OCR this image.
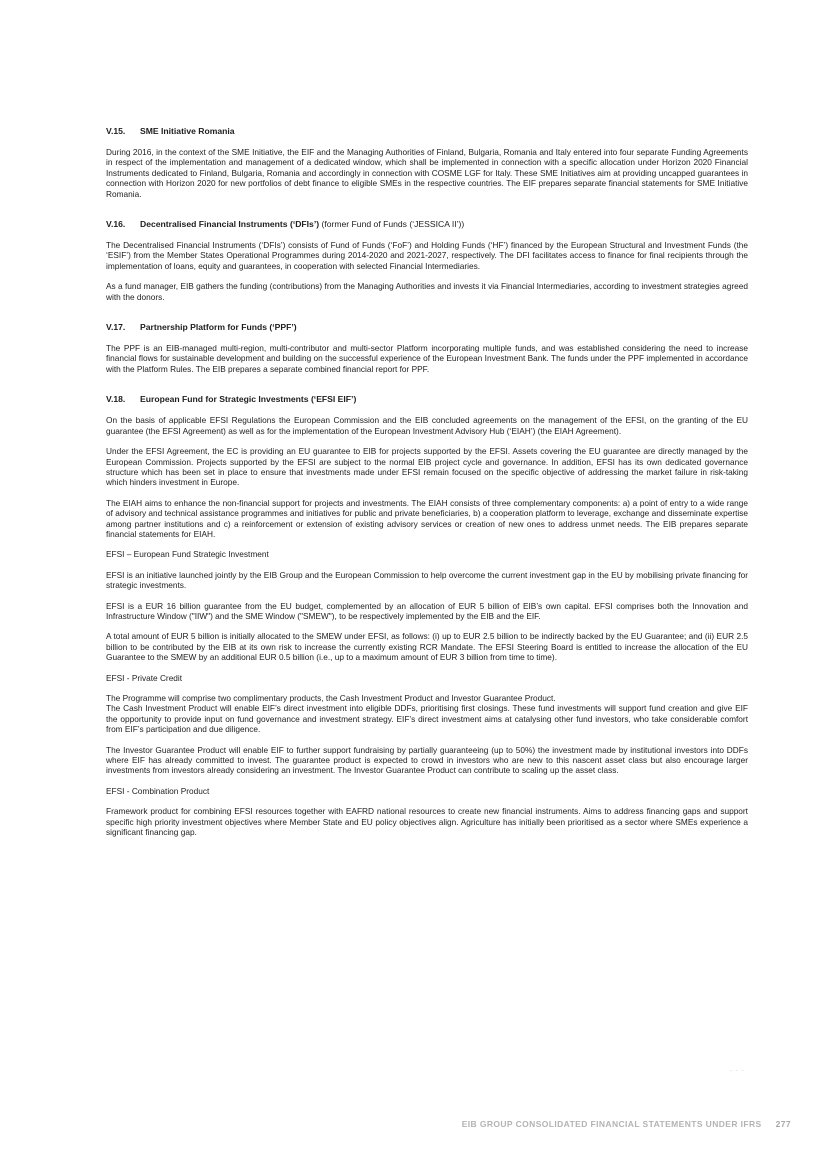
V.15. SME Initiative Romania

During 2016, in the context of the SME Initiative, the EIF and the Managing Authorities of Finland, Bulgaria, Romania and Italy entered into four separate Funding Agreements in respect of the implementation and management of a dedicated window, which shall be implemented in connection with a specific allocation under Horizon 2020 Financial Instruments dedicated to Finland, Bulgaria, Romania and accordingly in connection with COSME LGF for Italy. These SME Initiatives aim at providing uncapped guarantees in connection with Horizon 2020 for new portfolios of debt finance to eligible SMEs in the respective countries. The EIF prepares separate financial statements for SME Initiative Romania.

V.16. Decentralised Financial Instruments (‘DFIs’) (former Fund of Funds (‘JESSICA II’))

The Decentralised Financial Instruments (‘DFIs’) consists of Fund of Funds (‘FoF’) and Holding Funds (‘HF’) financed by the European Structural and Investment Funds (the ‘ESIF’) from the Member States Operational Programmes during 2014-2020 and 2021-2027, respectively. The DFI facilitates access to finance for final recipients through the implementation of loans, equity and guarantees, in cooperation with selected Financial Intermediaries.

As a fund manager, EIB gathers the funding (contributions) from the Managing Authorities and invests it via Financial Intermediaries, according to investment strategies agreed with the donors.

V.17. Partnership Platform for Funds (‘PPF’)

The PPF is an EIB-managed multi-region, multi-contributor and multi-sector Platform incorporating multiple funds, and was established considering the need to increase financial flows for sustainable development and building on the successful experience of the European Investment Bank. The funds under the PPF implemented in accordance with the Platform Rules. The EIB prepares a separate combined financial report for PPF.

V.18. European Fund for Strategic Investments (‘EFSI EIF’)

On the basis of applicable EFSI Regulations the European Commission and the EIB concluded agreements on the management of the EFSI, on the granting of the EU guarantee (the EFSI Agreement) as well as for the implementation of the European Investment Advisory Hub (‘EIAH’) (the EIAH Agreement).

Under the EFSI Agreement, the EC is providing an EU guarantee to EIB for projects supported by the EFSI. Assets covering the EU guarantee are directly managed by the European Commission. Projects supported by the EFSI are subject to the normal EIB project cycle and governance. In addition, EFSI has its own dedicated governance structure which has been set in place to ensure that investments made under EFSI remain focused on the specific objective of addressing the market failure in risk-taking which hinders investment in Europe.

The EIAH aims to enhance the non-financial support for projects and investments. The EIAH consists of three complementary components: a) a point of entry to a wide range of advisory and technical assistance programmes and initiatives for public and private beneficiaries, b) a cooperation platform to leverage, exchange and disseminate expertise among partner institutions and c) a reinforcement or extension of existing advisory services or creation of new ones to address unmet needs. The EIB prepares separate financial statements for EIAH.

EFSI – European Fund Strategic Investment

EFSI is an initiative launched jointly by the EIB Group and the European Commission to help overcome the current investment gap in the EU by mobilising private financing for strategic investments.

EFSI is a EUR 16 billion guarantee from the EU budget, complemented by an allocation of EUR 5 billion of EIB’s own capital. EFSI comprises both the Innovation and Infrastructure Window ("IIW") and the SME Window ("SMEW"), to be respectively implemented by the EIB and the EIF.

A total amount of EUR 5 billion is initially allocated to the SMEW under EFSI, as follows: (i) up to EUR 2.5 billion to be indirectly backed by the EU Guarantee; and (ii) EUR 2.5 billion to be contributed by the EIB at its own risk to increase the currently existing RCR Mandate. The EFSI Steering Board is entitled to increase the allocation of the EU Guarantee to the SMEW by an additional EUR 0.5 billion (i.e., up to a maximum amount of EUR 3 billion from time to time).

EFSI - Private Credit

The Programme will comprise two complimentary products, the Cash Investment Product and Investor Guarantee Product.
The Cash Investment Product will enable EIF’s direct investment into eligible DDFs, prioritising first closings. These fund investments will support fund creation and give EIF the opportunity to provide input on fund governance and investment strategy. EIF’s direct investment aims at catalysing other fund investors, who take considerable comfort from EIF’s participation and due diligence.

The Investor Guarantee Product will enable EIF to further support fundraising by partially guaranteeing (up to 50%) the investment made by institutional investors into DDFs where EIF has already committed to invest. The guarantee product is expected to crowd in investors who are new to this nascent asset class but also encourage larger investments from investors already considering an investment. The Investor Guarantee Product can contribute to scaling up the asset class.

EFSI - Combination Product

Framework product for combining EFSI resources together with EAFRD national resources to create new financial instruments. Aims to address financing gaps and support specific high priority investment objectives where Member State and EU policy objectives align. Agriculture has initially been prioritised as a sector where SMEs experience a significant financing gap.

- - -
EIB GROUP CONSOLIDATED FINANCIAL STATEMENTS UNDER IFRS 277
